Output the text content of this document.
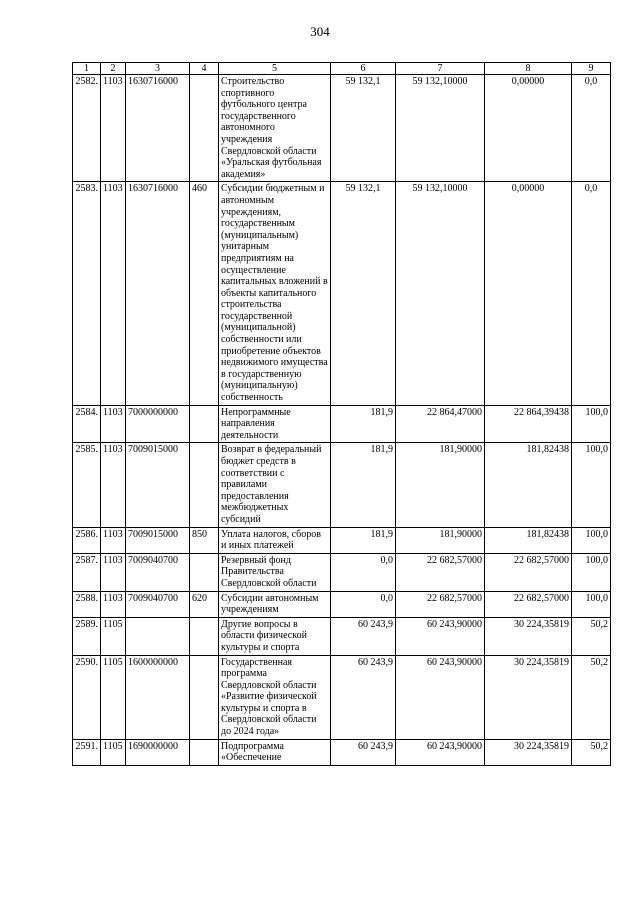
304
1	2	3	4	5	6	7	8	9
2582.	1103	1630716000		Строительство спортивного футбольного центра государственного автономного учреждения Свердловской области «Уральская футбольная академия»	59 132,1	59 132,10000	0,00000	0,0
2583.	1103	1630716000	460	Субсидии бюджетным и автономным учреждениям, государственным (муниципальным) унитарным предприятиям на осуществление капитальных вложений в объекты капитального строительства государственной (муниципальной) собственности или приобретение объектов недвижимого имущества в государственную (муниципальную) собственность	59 132,1	59 132,10000	0,00000	0,0
2584.	1103	7000000000		Непрограммные направления деятельности	181,9	22 864,47000	22 864,39438	100,0
2585.	1103	7009015000		Возврат в федеральный бюджет средств в соответствии с правилами предоставления межбюджетных субсидий	181,9	181,90000	181,82438	100,0
2586.	1103	7009015000	850	Уплата налогов, сборов и иных платежей	181,9	181,90000	181,82438	100,0
2587.	1103	7009040700		Резервный фонд Правительства Свердловской области	0,0	22 682,57000	22 682,57000	100,0
2588.	1103	7009040700	620	Субсидии автономным учреждениям	0,0	22 682,57000	22 682,57000	100,0
2589.	1105			Другие вопросы в области физической культуры и спорта	60 243,9	60 243,90000	30 224,35819	50,2
2590.	1105	1600000000		Государственная программа Свердловской области «Развитие физической культуры и спорта в Свердловской области до 2024 года»	60 243,9	60 243,90000	30 224,35819	50,2
2591.	1105	1690000000		Подпрограмма «Обеспечение	60 243,9	60 243,90000	30 224,35819	50,2
